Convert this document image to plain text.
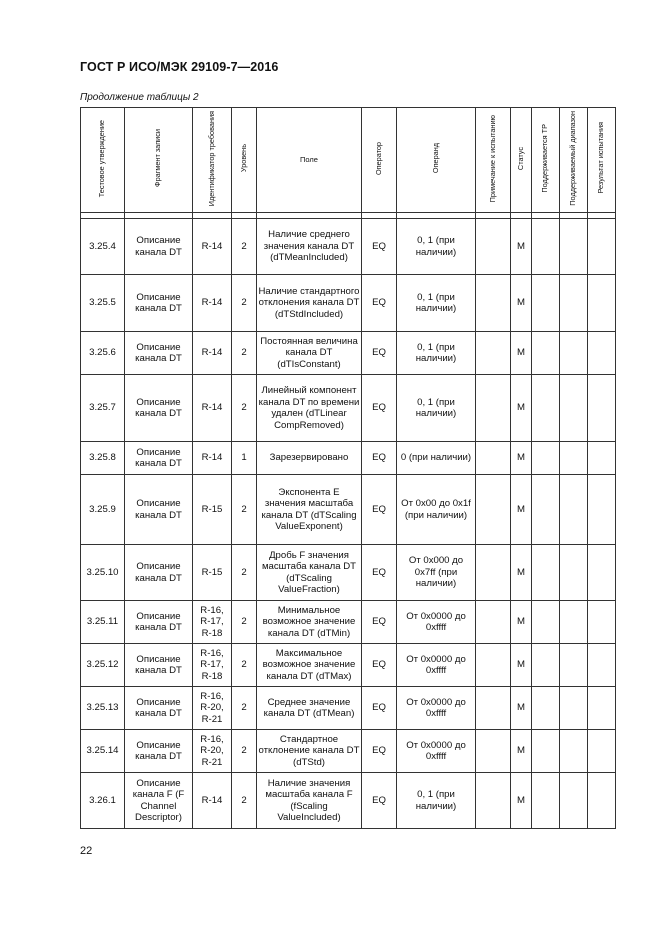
ГОСТ Р ИСО/МЭК 29109-7—2016
Продолжение таблицы 2
Тестовое утверждение	Фрагмент записи	Идентификатор требования	Уровень	Поле	Оператор	Операнд	Примечание к испытанию	Статус	Поддерживается ТР	Поддерживаемый диапазон	Результат испытания

3.25.4	Описание канала DT	R-14	2	Наличие среднего значения канала DT (dTMeanIncluded)	EQ	0, 1 (при наличии)		M			
3.25.5	Описание канала DT	R-14	2	Наличие стандартного отклонения канала DT (dTStdIncluded)	EQ	0, 1 (при наличии)		M			
3.25.6	Описание канала DT	R-14	2	Постоянная величина канала DT (dTIsConstant)	EQ	0, 1 (при наличии)		M			
3.25.7	Описание канала DT	R-14	2	Линейный компонент канала DT по времени удален (dTLinear CompRemoved)	EQ	0, 1 (при наличии)		M			
3.25.8	Описание канала DT	R-14	1	Зарезервировано	EQ	0 (при наличии)		M			
3.25.9	Описание канала DT	R-15	2	Экспонента E значения масштаба канала DT (dTScaling ValueExponent)	EQ	От 0x00 до 0x1f (при наличии)		M			
3.25.10	Описание канала DT	R-15	2	Дробь F значения масштаба канала DT (dTScaling ValueFraction)	EQ	От 0x000 до 0x7ff (при наличии)		M			
3.25.11	Описание канала DT	R-16, R-17, R-18	2	Минимальное возможное значение канала DT (dTMin)	EQ	От 0x0000 до 0xffff		M			
3.25.12	Описание канала DT	R-16, R-17, R-18	2	Максимальное возможное значение канала DT (dTMax)	EQ	От 0x0000 до 0xffff		M			
3.25.13	Описание канала DT	R-16, R-20, R-21	2	Среднее значение канала DT (dTMean)	EQ	От 0x0000 до 0xffff		M			
3.25.14	Описание канала DT	R-16, R-20, R-21	2	Стандартное отклонение канала DT (dTStd)	EQ	От 0x0000 до 0xffff		M			
3.26.1	Описание канала F (F Channel Descriptor)	R-14	2	Наличие значения масштаба канала F (fScaling ValueIncluded)	EQ	0, 1 (при наличии)		M			
22
